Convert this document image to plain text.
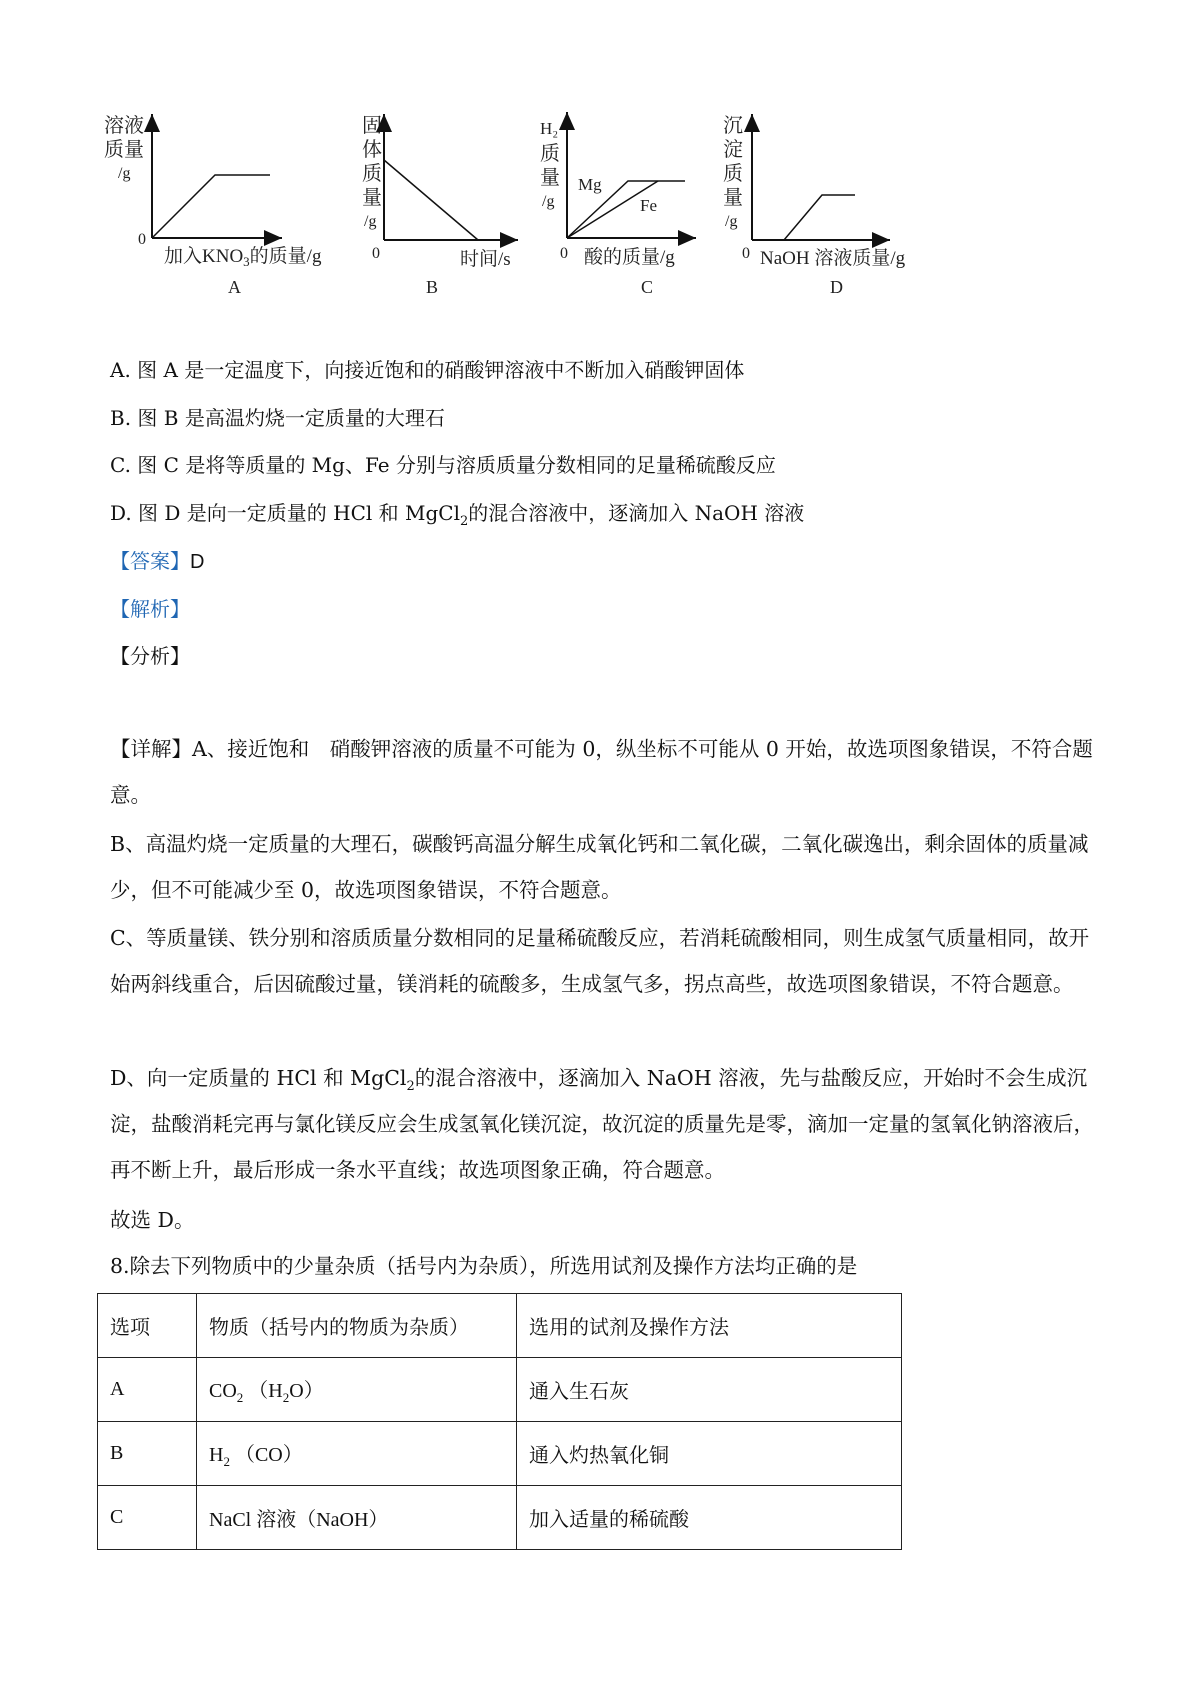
溶液
质量
/g
0
加入$KNO_3$的质量/g
A
固
体
质
量
/g
0	时间/s
B
H₂
质
量
/g
Mg
Fe
0 酸的质量/g
C
沉
淀
质
量
/g
0 NaOH 溶液质量/g
D
A. 图 A 是一定温度下，向接近饱和的硝酸钾溶液中不断加入硝酸钾固体
B. 图 B 是高温灼烧一定质量的大理石
C. 图 C 是将等质量的 Mg、Fe 分别与溶质质量分数相同的足量稀硫酸反应
D. 图 D 是向一定质量的 HCl 和 MgCl$_2$的混合溶液中，逐滴加入 NaOH 溶液
【答案】D
【解析】
【分析】
【详解】A、接近饱和　硝酸钾溶液的质量不可能为 0，纵坐标不可能从 0 开始，故选项图象错误，不符合题意。
B、高温灼烧一定质量的大理石，碳酸钙高温分解生成氧化钙和二氧化碳，二氧化碳逸出，剩余固体的质量减少，但不可能减少至 0，故选项图象错误，不符合题意。
C、等质量镁、铁分别和溶质质量分数相同的足量稀硫酸反应，若消耗硫酸相同，则生成氢气质量相同，故开始两斜线重合，后因硫酸过量，镁消耗的硫酸多，生成氢气多，拐点高些，故选项图象错误，不符合题意。
D、向一定质量的 HCl 和 MgCl$_2$的混合溶液中，逐滴加入 NaOH 溶液，先与盐酸反应，开始时不会生成沉淀，盐酸消耗完再与氯化镁反应会生成氢氧化镁沉淀，故沉淀的质量先是零，滴加一定量的氢氧化钠溶液后，再不断上升，最后形成一条水平直线；故选项图象正确，符合题意。
故选 D。
8.除去下列物质中的少量杂质（括号内为杂质），所选用试剂及操作方法均正确的是
选项	物质（括号内的物质为杂质）	选用的试剂及操作方法
A	$CO_2$ $(H_2O)$	通入生石灰
B	$H_2$ （CO）	通入灼热氧化铜
C	NaCl 溶液（NaOH）	加入适量的稀硫酸
